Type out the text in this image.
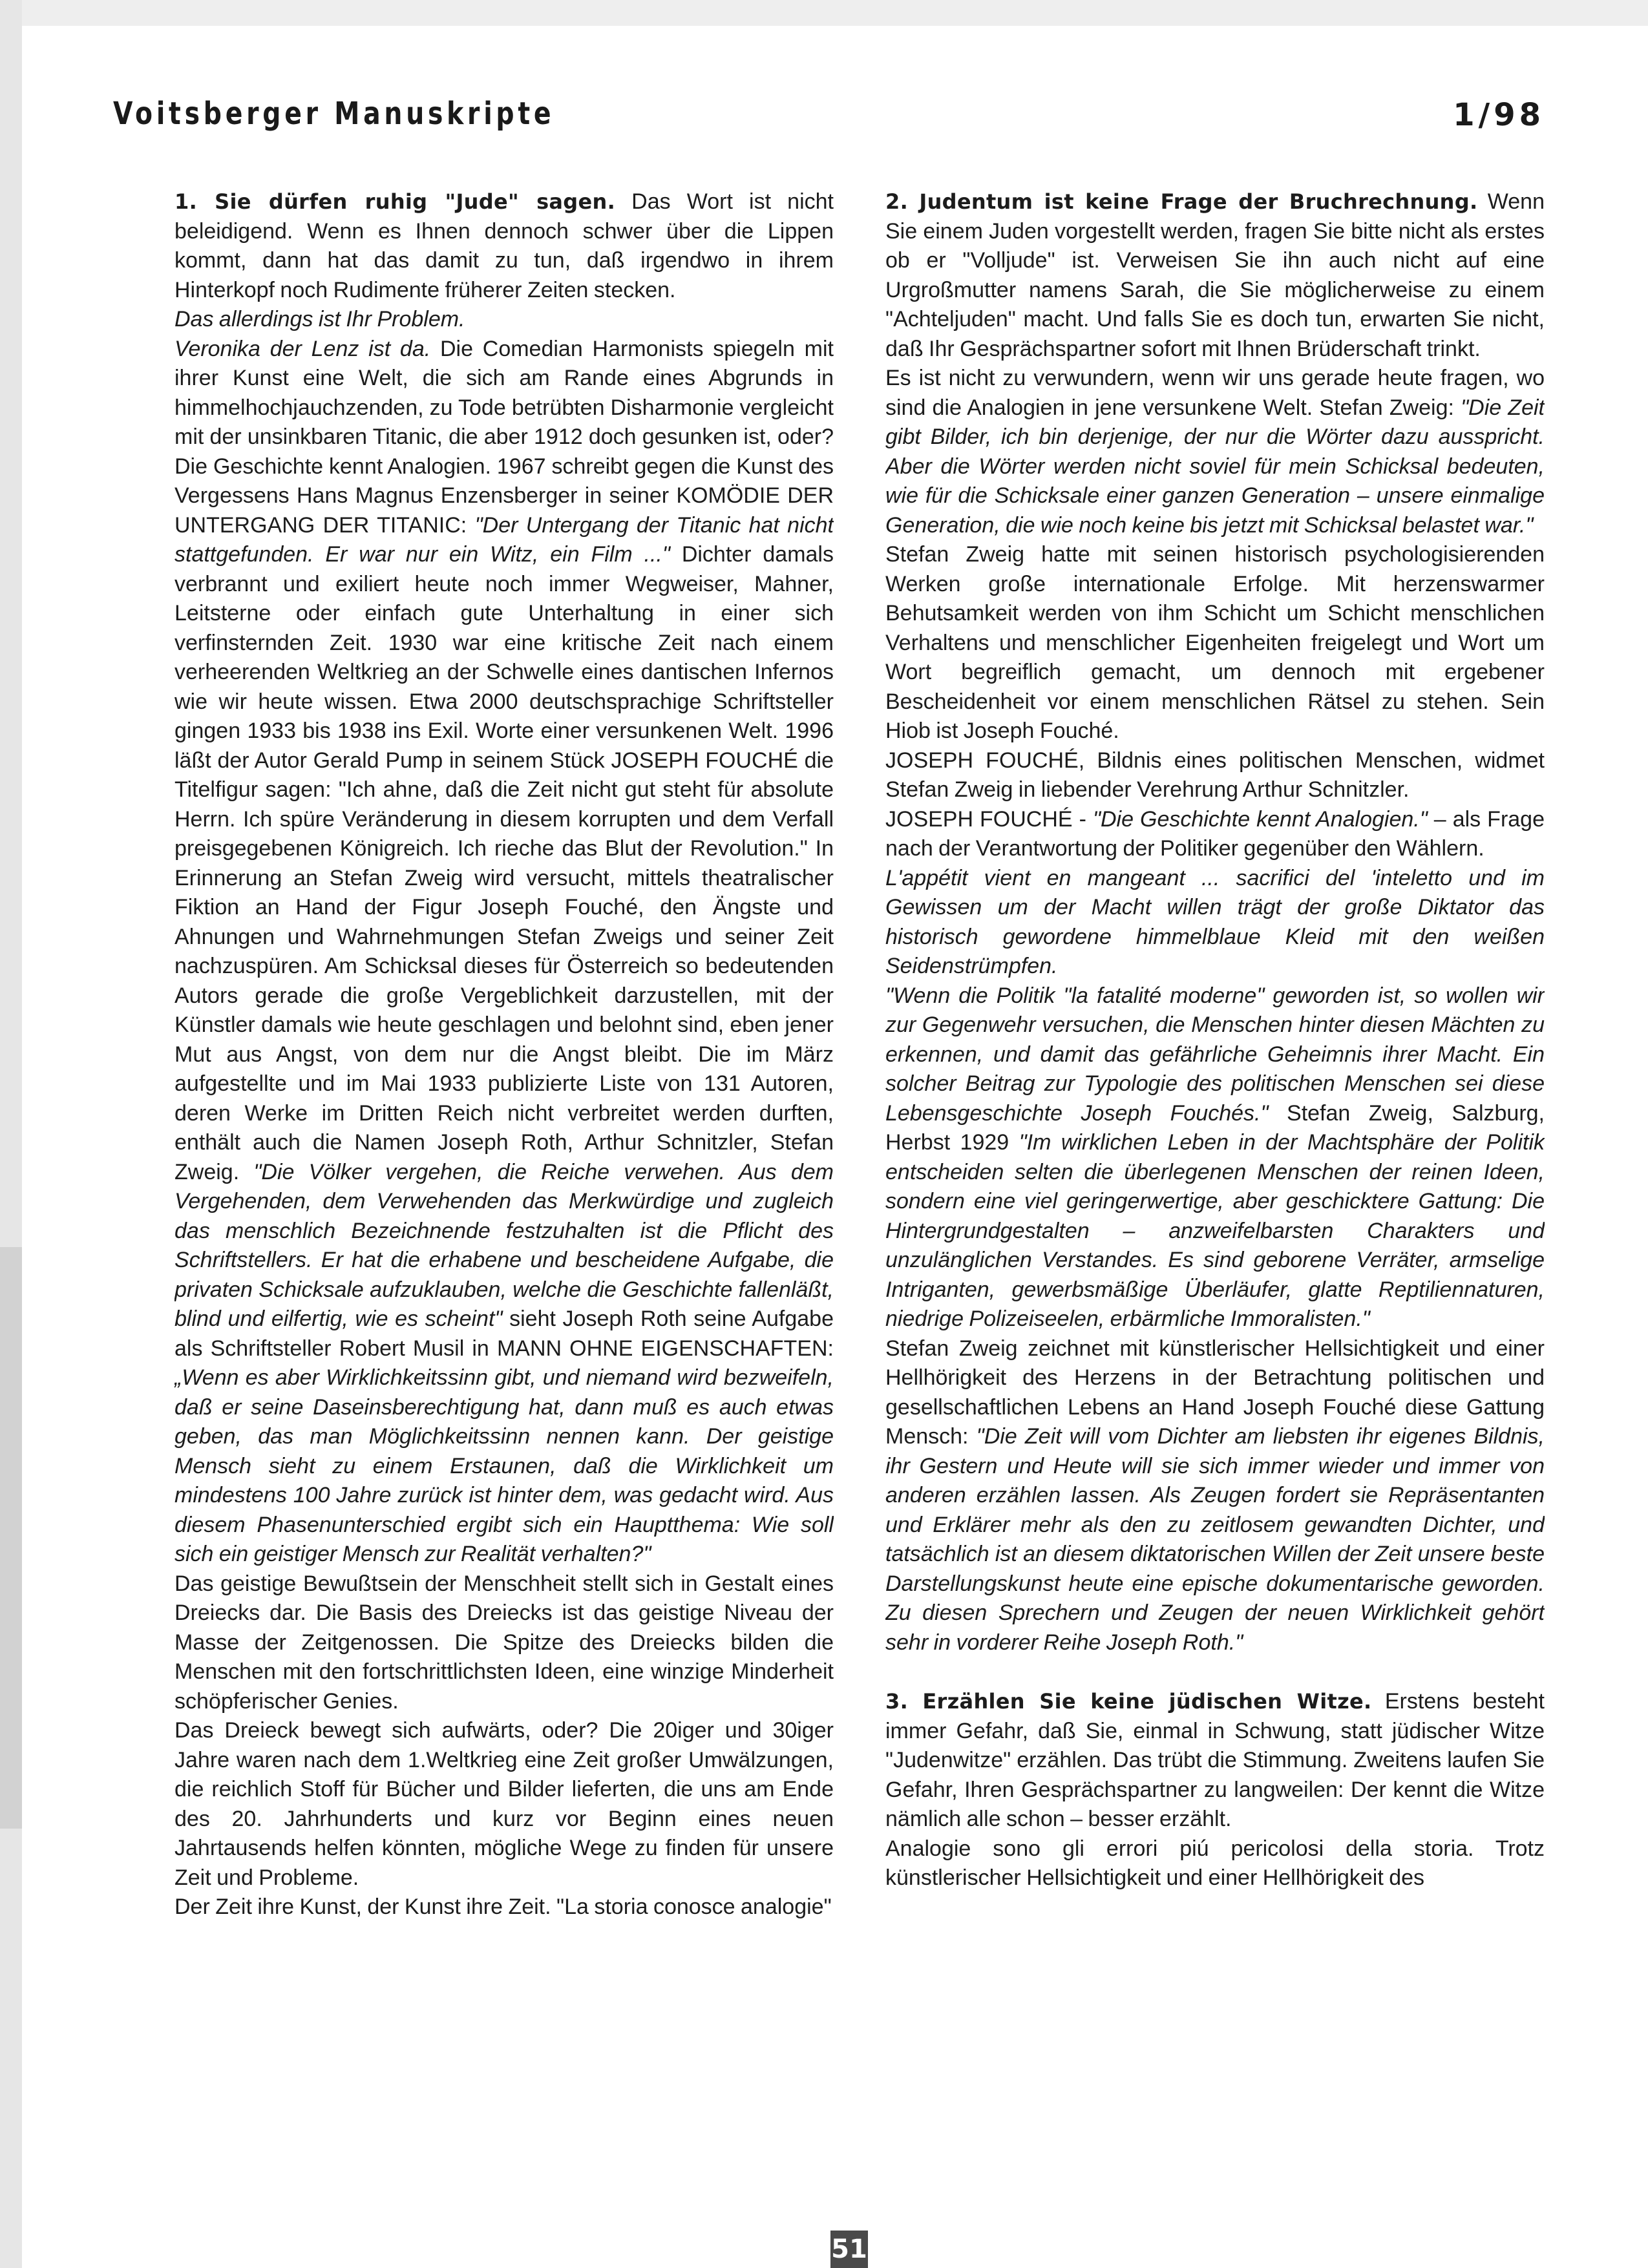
Voitsberger Manuskripte	1/98

1. Sie dürfen ruhig "Jude" sagen. Das Wort ist nicht beleidigend. Wenn es Ihnen dennoch schwer über die Lippen kommt, dann hat das damit zu tun, daß irgendwo in ihrem Hinterkopf noch Rudimente früherer Zeiten stecken.

Das allerdings ist Ihr Problem.

Veronika der Lenz ist da. Die Comedian Harmonists spiegeln mit ihrer Kunst eine Welt, die sich am Rande eines Abgrunds in himmelhochjauchzenden, zu Tode betrübten Disharmonie vergleicht mit der unsinkbaren Titanic, die aber 1912 doch gesunken ist, oder? Die Geschichte kennt Analogien. 1967 schreibt gegen die Kunst des Vergessens Hans Magnus Enzensberger in seiner KOMÖDIE DER UNTERGANG DER TITANIC: "Der Untergang der Titanic hat nicht stattgefunden. Er war nur ein Witz, ein Film ..." Dichter damals verbrannt und exiliert heute noch immer Wegweiser, Mahner, Leitsterne oder einfach gute Unterhaltung in einer sich verfinsternden Zeit. 1930 war eine kritische Zeit nach einem verheerenden Weltkrieg an der Schwelle eines dantischen Infernos wie wir heute wissen. Etwa 2000 deutschsprachige Schriftsteller gingen 1933 bis 1938 ins Exil. Worte einer versunkenen Welt. 1996 läßt der Autor Gerald Pump in seinem Stück JOSEPH FOUCHÉ die Titelfigur sagen: "Ich ahne, daß die Zeit nicht gut steht für absolute Herrn. Ich spüre Veränderung in diesem korrupten und dem Verfall preisgegebenen Königreich. Ich rieche das Blut der Revolution." In Erinnerung an Stefan Zweig wird versucht, mittels theatralischer Fiktion an Hand der Figur Joseph Fouché, den Ängste und Ahnungen und Wahrnehmungen Stefan Zweigs und seiner Zeit nachzuspüren. Am Schicksal dieses für Österreich so bedeutenden Autors gerade die große Vergeblichkeit darzustellen, mit der Künstler damals wie heute geschlagen und belohnt sind, eben jener Mut aus Angst, von dem nur die Angst bleibt. Die im März aufgestellte und im Mai 1933 publizierte Liste von 131 Autoren, deren Werke im Dritten Reich nicht verbreitet werden durften, enthält auch die Namen Joseph Roth, Arthur Schnitzler, Stefan Zweig. "Die Völker vergehen, die Reiche verwehen. Aus dem Vergehenden, dem Verwehenden das Merkwürdige und zugleich das menschlich Bezeichnende festzuhalten ist die Pflicht des Schriftstellers. Er hat die erhabene und bescheidene Aufgabe, die privaten Schicksale aufzuklauben, welche die Geschichte fallenläßt, blind und eilfertig, wie es scheint" sieht Joseph Roth seine Aufgabe als Schriftsteller Robert Musil in MANN OHNE EIGENSCHAFTEN: „Wenn es aber Wirklichkeitssinn gibt, und niemand wird bezweifeln, daß er seine Daseinsberechtigung hat, dann muß es auch etwas geben, das man Möglichkeitssinn nennen kann. Der geistige Mensch sieht zu einem Erstaunen, daß die Wirklichkeit um mindestens 100 Jahre zurück ist hinter dem, was gedacht wird. Aus diesem Phasenunterschied ergibt sich ein Hauptthema: Wie soll sich ein geistiger Mensch zur Realität verhalten?"

Das geistige Bewußtsein der Menschheit stellt sich in Gestalt eines Dreiecks dar. Die Basis des Dreiecks ist das geistige Niveau der Masse der Zeitgenossen. Die Spitze des Dreiecks bilden die Menschen mit den fortschrittlichsten Ideen, eine winzige Minderheit schöpferischer Genies.

Das Dreieck bewegt sich aufwärts, oder? Die 20iger und 30iger Jahre waren nach dem 1.Weltkrieg eine Zeit großer Umwälzungen, die reichlich Stoff für Bücher und Bilder lieferten, die uns am Ende des 20. Jahrhunderts und kurz vor Beginn eines neuen Jahrtausends helfen könnten, mögliche Wege zu finden für unsere Zeit und Probleme.

Der Zeit ihre Kunst, der Kunst ihre Zeit. "La storia conosce analogie"

2. Judentum ist keine Frage der Bruchrechnung. Wenn Sie einem Juden vorgestellt werden, fragen Sie bitte nicht als erstes ob er "Volljude" ist. Verweisen Sie ihn auch nicht auf eine Urgroßmutter namens Sarah, die Sie möglicherweise zu einem "Achteljuden" macht. Und falls Sie es doch tun, erwarten Sie nicht, daß Ihr Gesprächspartner sofort mit Ihnen Brüderschaft trinkt.

Es ist nicht zu verwundern, wenn wir uns gerade heute fragen, wo sind die Analogien in jene versunkene Welt. Stefan Zweig: "Die Zeit gibt Bilder, ich bin derjenige, der nur die Wörter dazu ausspricht. Aber die Wörter werden nicht soviel für mein Schicksal bedeuten, wie für die Schicksale einer ganzen Generation – unsere einmalige Generation, die wie noch keine bis jetzt mit Schicksal belastet war."

Stefan Zweig hatte mit seinen historisch psychologisierenden Werken große internationale Erfolge. Mit herzenswarmer Behutsamkeit werden von ihm Schicht um Schicht menschlichen Verhaltens und menschlicher Eigenheiten freigelegt und Wort um Wort begreiflich gemacht, um dennoch mit ergebener Bescheidenheit vor einem menschlichen Rätsel zu stehen. Sein Hiob ist Joseph Fouché.

JOSEPH FOUCHÉ, Bildnis eines politischen Menschen, widmet Stefan Zweig in liebender Verehrung Arthur Schnitzler.

JOSEPH FOUCHÉ - "Die Geschichte kennt Analogien." – als Frage nach der Verantwortung der Politiker gegenüber den Wählern.

L'appétit vient en mangeant ... sacrifici del 'inteletto und im Gewissen um der Macht willen trägt der große Diktator das historisch gewordene himmelblaue Kleid mit den weißen Seidenstrümpfen.

"Wenn die Politik "la fatalité moderne" geworden ist, so wollen wir zur Gegenwehr versuchen, die Menschen hinter diesen Mächten zu erkennen, und damit das gefährliche Geheimnis ihrer Macht. Ein solcher Beitrag zur Typologie des politischen Menschen sei diese Lebensgeschichte Joseph Fouchés." Stefan Zweig, Salzburg, Herbst 1929 "Im wirklichen Leben in der Machtsphäre der Politik entscheiden selten die überlegenen Menschen der reinen Ideen, sondern eine viel geringerwertige, aber geschicktere Gattung: Die Hintergrundgestalten – anzweifelbarsten Charakters und unzulänglichen Verstandes. Es sind geborene Verräter, armselige Intriganten, gewerbsmäßige Überläufer, glatte Reptiliennaturen, niedrige Polizeiseelen, erbärmliche Immoralisten."

Stefan Zweig zeichnet mit künstlerischer Hellsichtigkeit und einer Hellhörigkeit des Herzens in der Betrachtung politischen und gesellschaftlichen Lebens an Hand Joseph Fouché diese Gattung Mensch: "Die Zeit will vom Dichter am liebsten ihr eigenes Bildnis, ihr Gestern und Heute will sie sich immer wieder und immer von anderen erzählen lassen. Als Zeugen fordert sie Repräsentanten und Erklärer mehr als den zu zeitlosem gewandten Dichter, und tatsächlich ist an diesem diktatorischen Willen der Zeit unsere beste Darstellungskunst heute eine epische dokumentarische geworden. Zu diesen Sprechern und Zeugen der neuen Wirklichkeit gehört sehr in vorderer Reihe Joseph Roth."

3. Erzählen Sie keine jüdischen Witze. Erstens besteht immer Gefahr, daß Sie, einmal in Schwung, statt jüdischer Witze "Judenwitze" erzählen. Das trübt die Stimmung. Zweitens laufen Sie Gefahr, Ihren Gesprächspartner zu langweilen: Der kennt die Witze nämlich alle schon – besser erzählt.

Analogie sono gli errori piú pericolosi della storia. Trotz künstlerischer Hellsichtigkeit und einer Hellhörigkeit des

51
